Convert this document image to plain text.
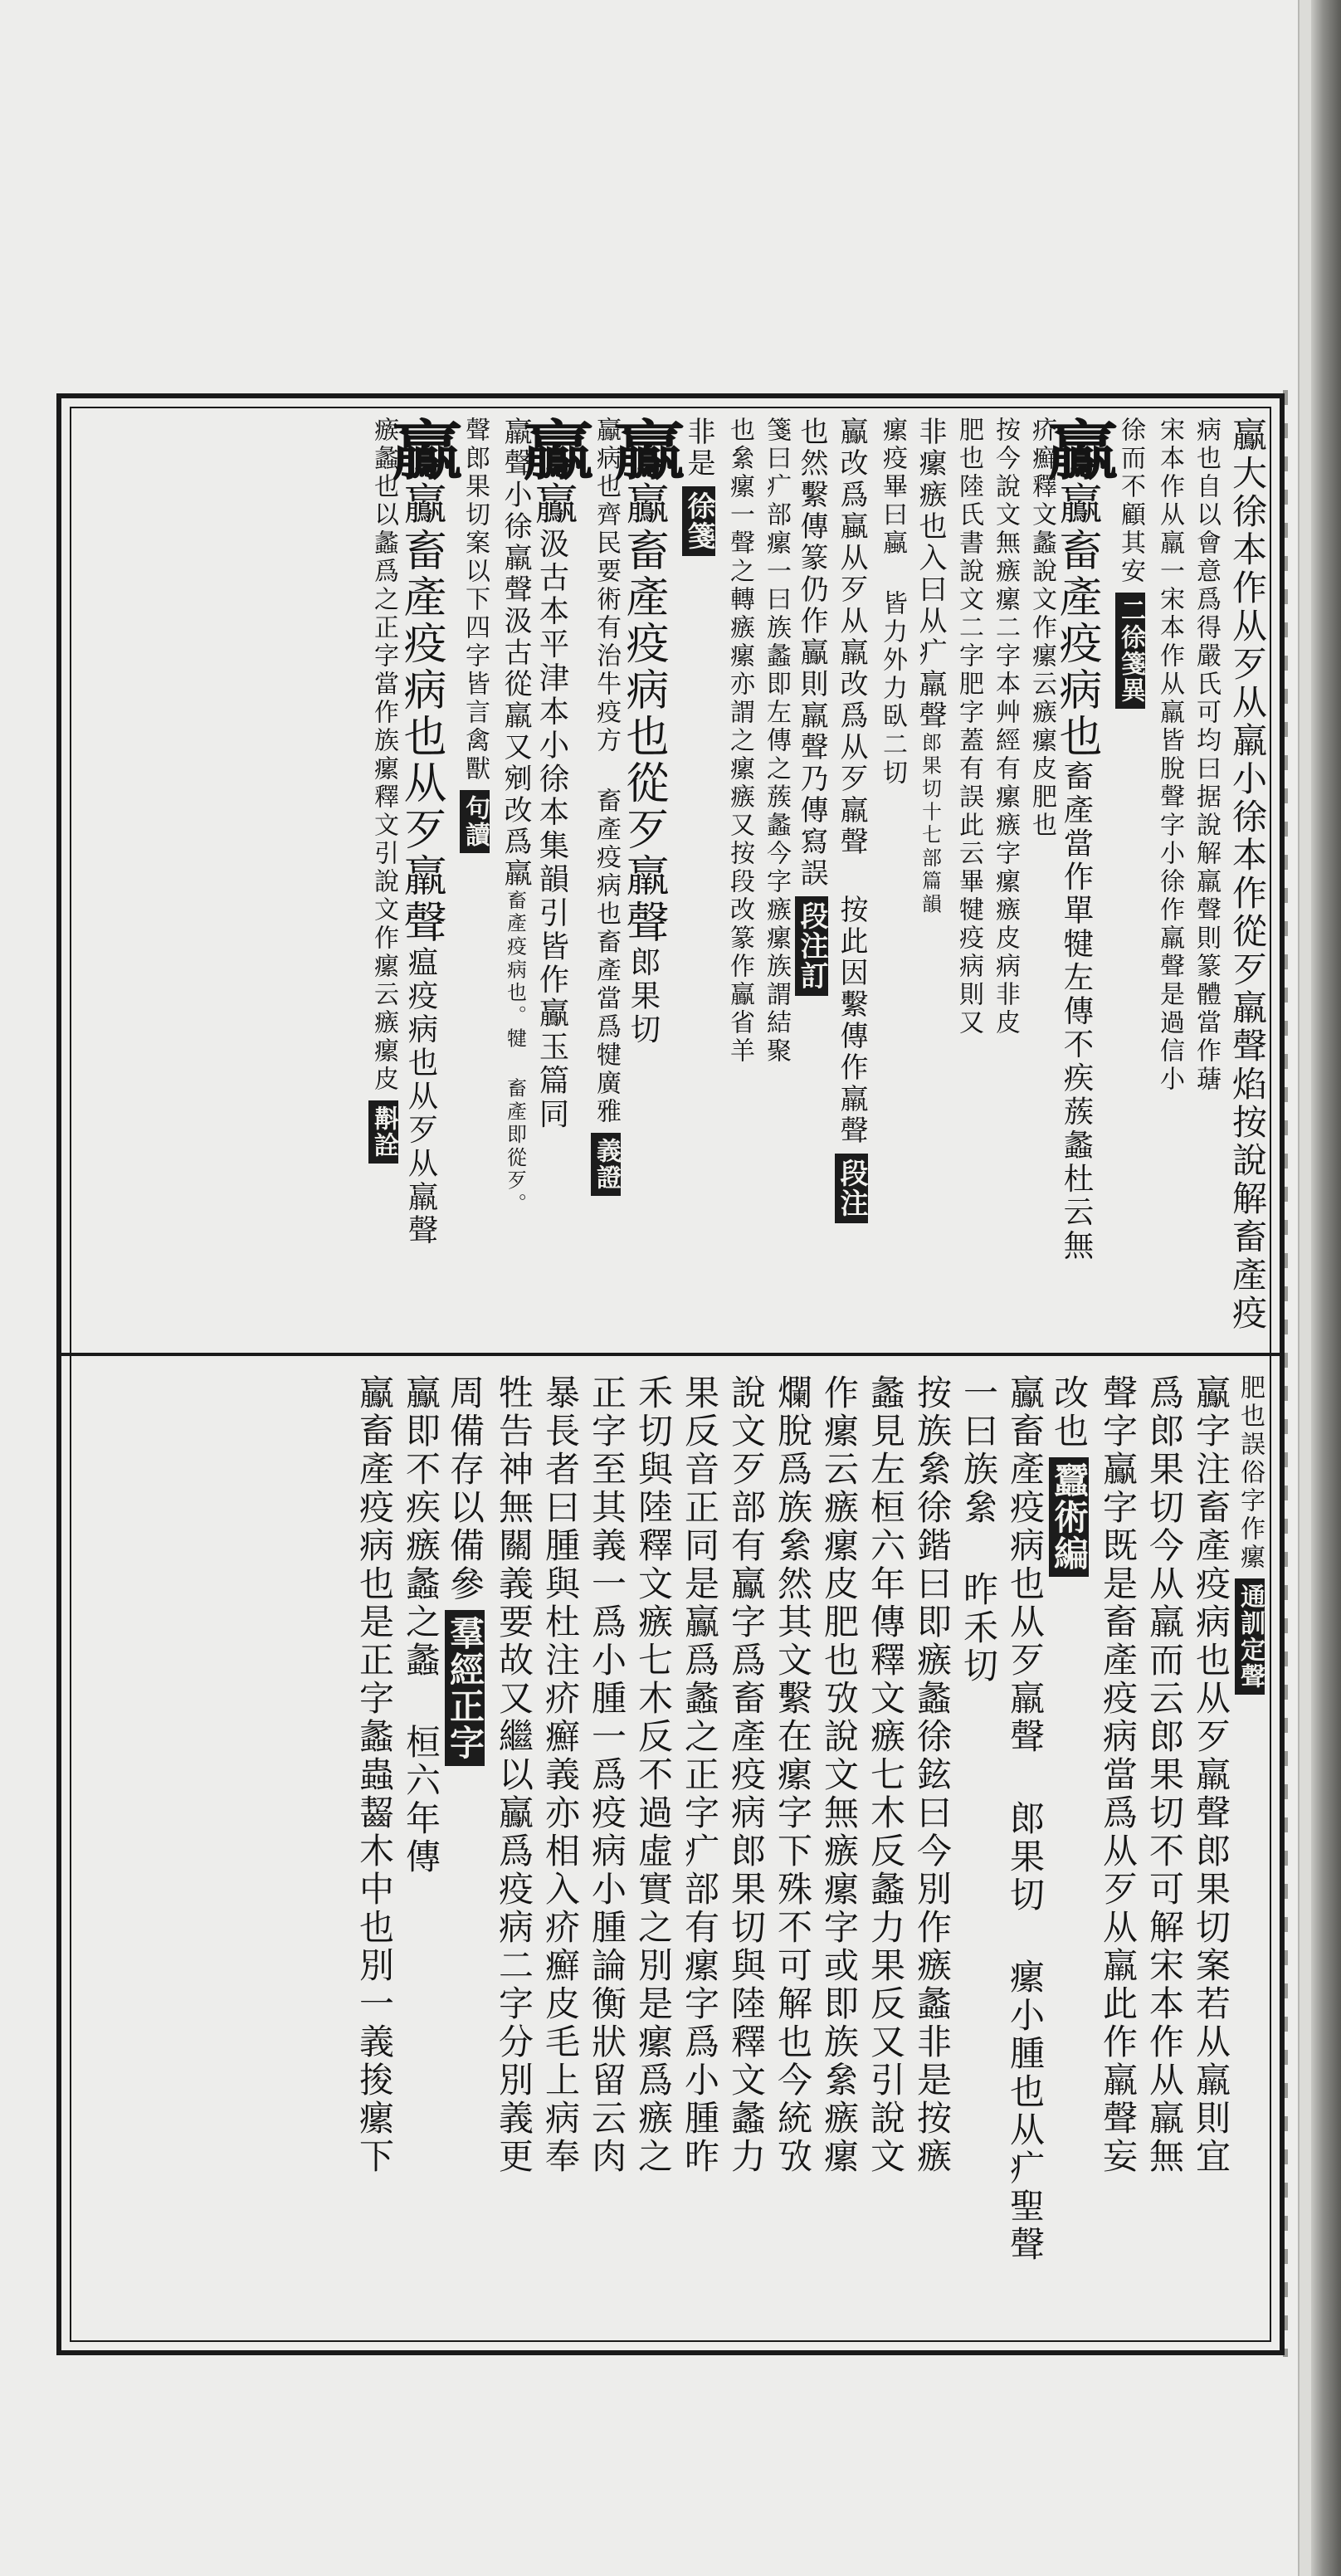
鸁大徐本作从歹从羸小徐本作從歹羸聲焰按說解畜產疫
病也自以會意爲得嚴氏可均曰据說解羸聲則篆體當作䕋
宋本作从羸一宋本作从羸皆脫聲字小徐作羸聲是過信小
徐而不顧其安二徐箋異
鸁鸁畜產疫病也畜產當作單犍左傳不疾蔟蠡杜云無
疥癬釋文蠡說文作瘰云瘯瘰皮肥也
按今說文無瘯瘰二字本艸經有瘰瘯字瘰瘯皮病非皮
肥也陸氏書說文二字肥字蓋有誤此云畢犍疫病則又
非瘰瘯也入曰从疒羸聲郎果切十七部篇韻
瘰疫畢曰蠃 皆力外力臥二切
鸁改爲蠃从歹从羸改爲从歹羸聲 按此因繫傳作羸聲段注
也然繫傳篆仍作鸁則羸聲乃傳寫誤段注訂
箋曰疒部瘰一曰族蠡即左傳之蔟蠡今字瘯瘰族謂結聚
也絫瘰一聲之轉瘯瘰亦謂之瘰瘯又按段改篆作鸁省羊
非是徐箋
鸁鸁畜產疫病也從歹羸聲郎果切
鸁病也齊民要術有治牛疫方 畜產疫病也畜產當爲犍廣雅義證
鸁鸁汲古本平津本小徐本集韻引皆作鸁玉篇同
羸聲小徐羸聲汲古從羸又剜改爲羸畜產疫病也。犍 畜產即從歹。
聲郎果切案以下四字皆言禽獸句讀
鸁鸁畜產疫病也从歹羸聲瘟疫病也从歹从羸聲
瘯蠡也以蠡爲之正字當作族瘰釋文引說文作瘰云瘯瘰皮斠詮
肥也誤俗字作瘰通訓定聲
鸁字注畜產疫病也从歹羸聲郎果切案若从羸則宜
爲郎果切今从羸而云郎果切不可解宋本作从羸無
聲字鸁字既是畜產疫病當爲从歹从羸此作羸聲妄
改也蠶術編
鸁畜產疫病也从歹羸聲 郎果切 瘰小腫也从疒聖聲
一曰族絫 昨禾切
按族絫徐鍇曰即瘯蠡徐鉉曰今別作瘯蠡非是按瘯
蠡見左桓六年傳釋文瘯七木反蠡力果反又引說文
作瘰云瘯瘰皮肥也攷說文無瘯瘰字或即族絫瘯瘰
爛脫爲族絫然其文繫在瘰字下殊不可解也今統攷
說文歹部有鸁字爲畜產疫病郎果切與陸釋文蠡力
果反音正同是鸁爲蠡之正字疒部有瘰字爲小腫昨
禾切與陸釋文瘯七木反不過虛實之別是瘰爲瘯之
正字至其義一爲小腫一爲疫病小腫論衡狀留云肉
暴長者曰腫與杜注疥癬義亦相入疥癬皮毛上病奉
牲告神無關義要故又繼以鸁爲疫病二字分別義更
周備存以備參羣經正字
鸁即不疾瘯蠡之蠡 桓六年傳
鸁畜產疫病也是正字蠡蟲齧木中也別一義捘瘰下
